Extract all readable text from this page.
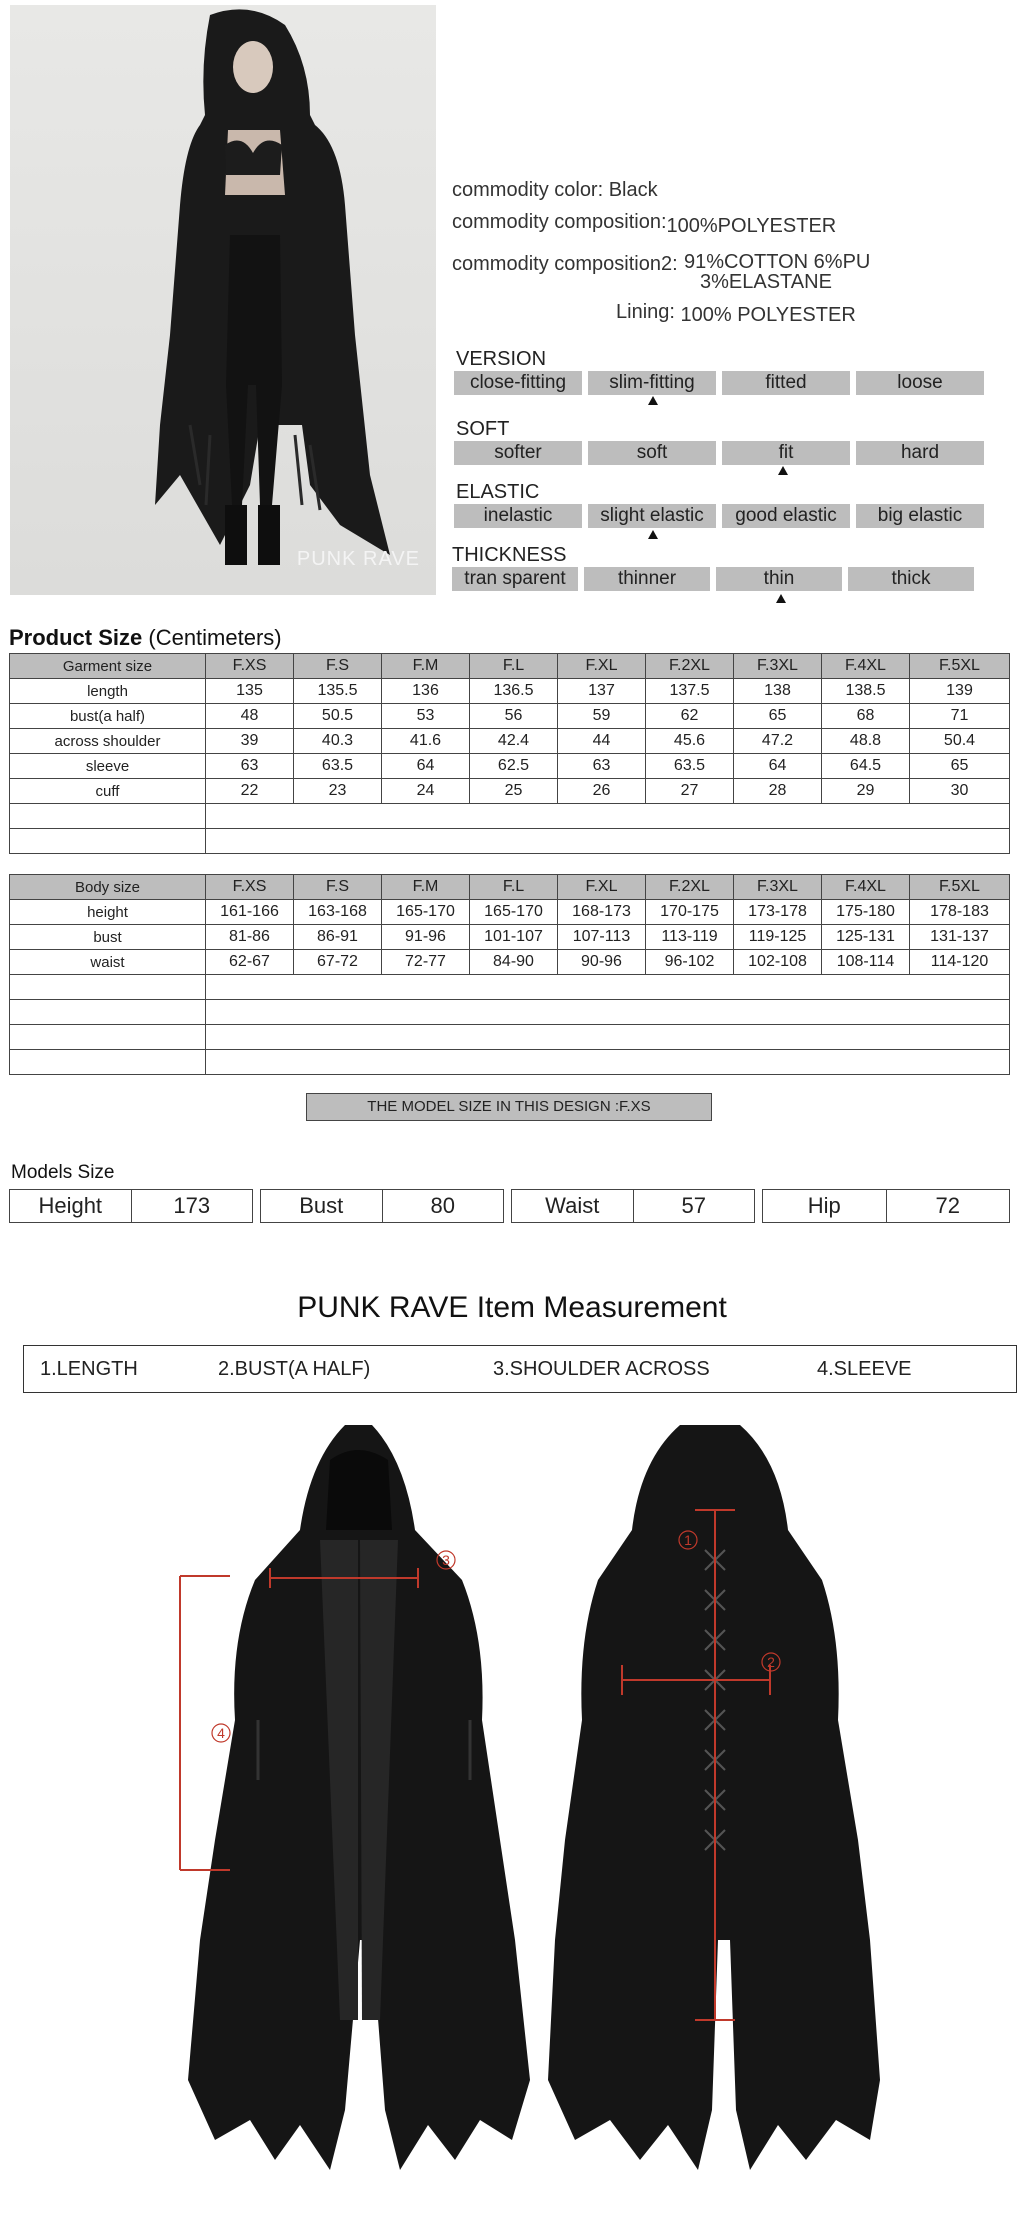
PUNK RAVE
commodity color: Black
commodity composition:100%POLYESTER
commodity composition2: 91%COTTON 6%PU
3%ELASTANE
Lining: 100% POLYESTER
VERSION
close-fitting	slim-fitting	fitted	loose
SOFT
softer	soft	fit	hard
ELASTIC
inelastic	slight elastic	good elastic	big elastic
THICKNESS
tran sparent	thinner	thin	thick
Product Size (Centimeters)
Garment size	F.XS	F.S	F.M	F.L	F.XL	F.2XL	F.3XL	F.4XL	F.5XL
length	135	135.5	136	136.5	137	137.5	138	138.5	139
bust(a half)	48	50.5	53	56	59	62	65	68	71
across shoulder	39	40.3	41.6	42.4	44	45.6	47.2	48.8	50.4
sleeve	63	63.5	64	62.5	63	63.5	64	64.5	65
cuff	22	23	24	25	26	27	28	29	30

Body size	F.XS	F.S	F.M	F.L	F.XL	F.2XL	F.3XL	F.4XL	F.5XL
height	161-166	163-168	165-170	165-170	168-173	170-175	173-178	175-180	178-183
bust	81-86	86-91	91-96	101-107	107-113	113-119	119-125	125-131	131-137
waist	62-67	67-72	72-77	84-90	90-96	96-102	102-108	108-114	114-120

THE MODEL SIZE IN THIS DESIGN :F.XS
Models Size
Height	173	Bust	80	Waist	57	Hip	72
PUNK RAVE Item Measurement
1.LENGTH	2.BUST(A HALF)	3.SHOULDER ACROSS	4.SLEEVE
3
4
1
2
